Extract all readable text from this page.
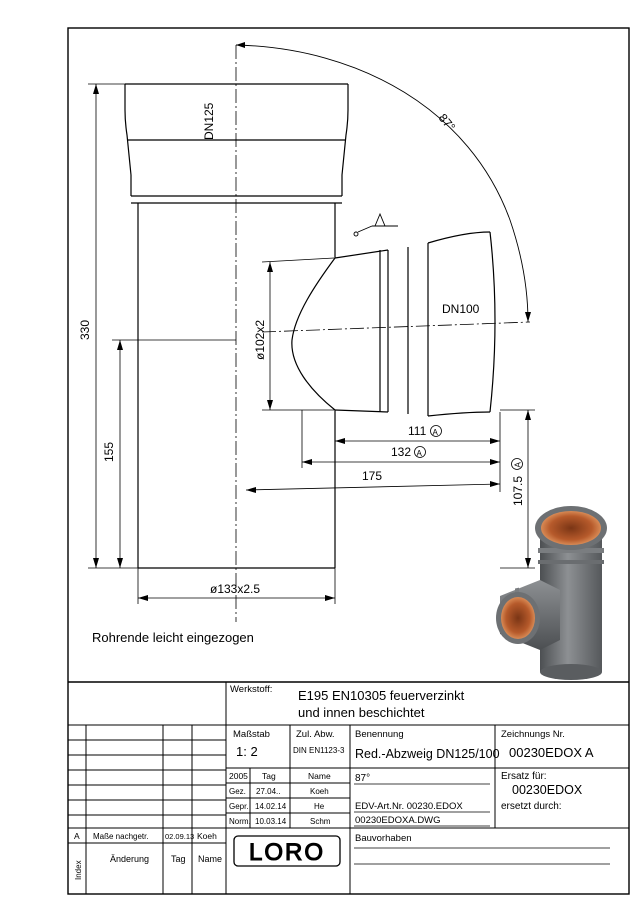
87°
DN125
DN100
330
155
ø102x2
ø133x2.5
111 A
132 A
175	107.5
A
Rohrende leicht eingezogen
Werkstoff: E195 EN10305 feuerverzinkt
und innen beschichtet
Maßstab
1: 2
Zul. Abw.
DIN EN1123-3
Benennung
Red.-Abzweig DN125/100
Zeichnungs Nr.
00230EDOX A
87°	Ersatz für:
00230EDOX
ersetzt durch:
EDV-Art.Nr. 00230.EDOX
00230EDOXA.DWG
Bauvorhaben
2005 Tag	Name
Gez. 27.04..	Koeh
Gepr. 14.02.14	He
Norm. 10.03.14	Schm
A Maße nachgetr. 02.09.13 Koeh
Index
Änderung Tag Name LORO
